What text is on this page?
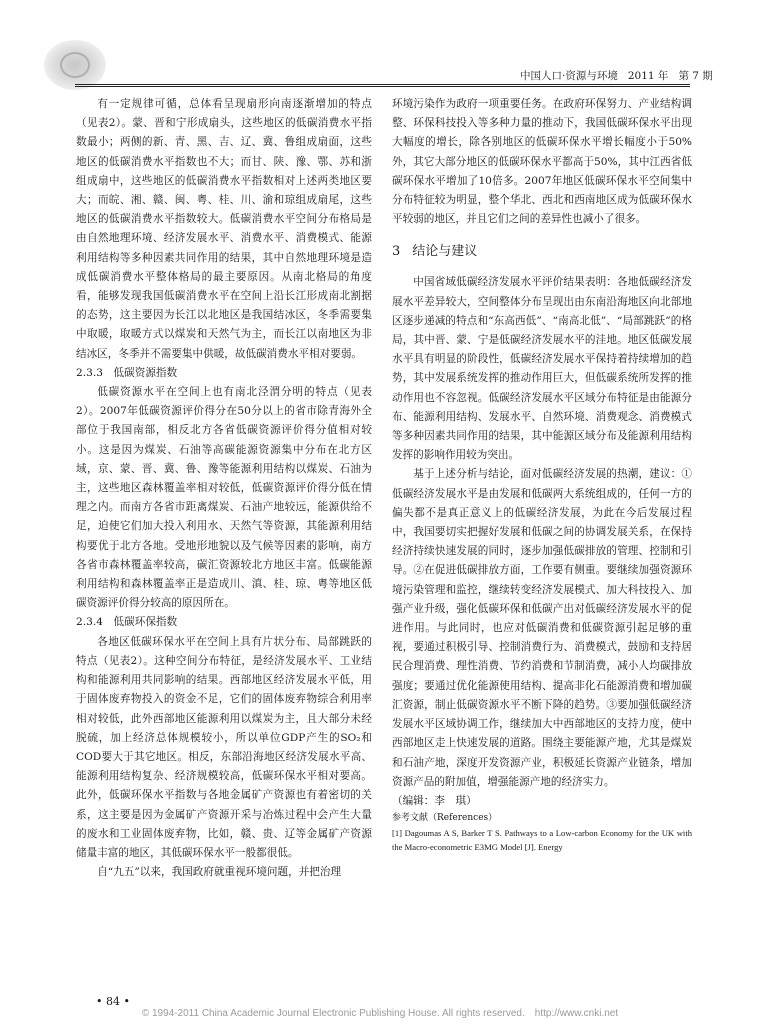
中国人口·资源与环境 2011 年 第 7 期

有一定规律可循，总体看呈现扇形向南逐渐增加的特点（见表2）。蒙、晋和宁形成扇头，这些地区的低碳消费水平指数最小；两侧的新、青、黑、吉、辽、冀、鲁组成扇面，这些地区的低碳消费水平指数也不大；而甘、陕、豫、鄂、苏和浙组成扇中，这些地区的低碳消费水平指数相对上述两类地区要大；而皖、湘、赣、闽、粤、桂、川、渝和琼组成扇尾，这些地区的低碳消费水平指数较大。低碳消费水平空间分布格局是由自然地理环境、经济发展水平、消费水平、消费模式、能源利用结构等多种因素共同作用的结果，其中自然地理环境是造成低碳消费水平整体格局的最主要原因。从南北格局的角度看，能够发现我国低碳消费水平在空间上沿长江形成南北割据的态势，这主要因为长江以北地区是我国结冰区，冬季需要集中取暖，取暖方式以煤炭和天然气为主，而长江以南地区为非结冰区，冬季并不需要集中供暖，故低碳消费水平相对要弱。

2.3.3　低碳资源指数

低碳资源水平在空间上也有南北泾渭分明的特点（见表2）。2007年低碳资源评价得分在50分以上的省市除青海外全部位于我国南部，相反北方各省低碳资源评价得分值相对较小。这是因为煤炭、石油等高碳能源资源集中分布在北方区域，京、蒙、晋、冀、鲁、豫等能源利用结构以煤炭、石油为主，这些地区森林覆盖率相对较低，低碳资源评价得分低在情理之内。而南方各省市距离煤炭、石油产地较远，能源供给不足，迫使它们加大投入利用水、天然气等资源，其能源利用结构要优于北方各地。受地形地貌以及气候等因素的影响，南方各省市森林覆盖率较高，碳汇资源较北方地区丰富。低碳能源利用结构和森林覆盖率正是造成川、滇、桂、琼、粤等地区低碳资源评价得分较高的原因所在。

2.3.4　低碳环保指数

各地区低碳环保水平在空间上具有片状分布、局部跳跃的特点（见表2）。这种空间分布特征，是经济发展水平、工业结构和能源利用共同影响的结果。西部地区经济发展水平低，用于固体废弃物投入的资金不足，它们的固体废弃物综合利用率相对较低，此外西部地区能源利用以煤炭为主，且大部分未经脱硫，加上经济总体规模较小，所以单位GDP产生的SO₂和COD要大于其它地区。相反，东部沿海地区经济发展水平高、能源利用结构复杂、经济规模较高，低碳环保水平相对要高。此外，低碳环保水平指数与各地金属矿产资源也有着密切的关系，这主要是因为金属矿产资源开采与冶炼过程中会产生大量的废水和工业固体废弃物，比如，赣、贵、辽等金属矿产资源储量丰富的地区，其低碳环保水平一般都很低。

自“九五”以来，我国政府就重视环境问题，并把治理

环境污染作为政府一项重要任务。在政府环保努力、产业结构调整、环保科技投入等多种力量的推动下，我国低碳环保水平出现大幅度的增长，除各别地区的低碳环保水平增长幅度小于50%外，其它大部分地区的低碳环保水平都高于50%，其中江西省低碳环保水平增加了10倍多。2007年地区低碳环保水平空间集中分布特征较为明显，整个华北、西北和西南地区成为低碳环保水平较弱的地区，并且它们之间的差异性也减小了很多。

3 结论与建议

中国省域低碳经济发展水平评价结果表明：各地低碳经济发展水平差异较大，空间整体分布呈现出由东南沿海地区向北部地区逐步递减的特点和“东高西低”、“南高北低”、“局部跳跃”的格局，其中晋、蒙、宁是低碳经济发展水平的洼地。地区低碳发展水平具有明显的阶段性，低碳经济发展水平保持着持续增加的趋势，其中发展系统发挥的推动作用巨大，但低碳系统所发挥的推动作用也不容忽视。低碳经济发展水平区域分布特征是由能源分布、能源利用结构、发展水平、自然环境、消费观念、消费模式等多种因素共同作用的结果，其中能源区域分布及能源利用结构发挥的影响作用较为突出。

基于上述分析与结论，面对低碳经济发展的热潮，建议：①低碳经济发展水平是由发展和低碳两大系统组成的，任何一方的偏失都不是真正意义上的低碳经济发展，为此在今后发展过程中，我国要切实把握好发展和低碳之间的协调发展关系，在保持经济持续快速发展的同时，逐步加强低碳排放的管理、控制和引导。②在促进低碳排放方面，工作要有侧重。要继续加强资源环境污染管理和监控，继续转变经济发展模式、加大科技投入、加强产业升级，强化低碳环保和低碳产出对低碳经济发展水平的促进作用。与此同时，也应对低碳消费和低碳资源引起足够的重视，要通过积极引导、控制消费行为、消费模式，鼓励和支持居民合理消费、理性消费、节约消费和节制消费，减小人均碳排放强度；要通过优化能源使用结构、提高非化石能源消费和增加碳汇资源，制止低碳资源水平不断下降的趋势。③要加强低碳经济发展水平区域协调工作，继续加大中西部地区的支持力度，使中西部地区走上快速发展的道路。围绕主要能源产地，尤其是煤炭和石油产地，深度开发资源产业，积极延长资源产业链条，增加资源产品的附加值，增强能源产地的经济实力。

（编辑：李　琪）

参考文献（References）

[1] Dagoumas A S, Barker T S. Pathways to a Low-carbon Economy for the UK with the Macro-econometric E3MG Model [J]. Energy

• 84 •
© 1994-2011 China Academic Journal Electronic Publishing House. All rights reserved.　http://www.cnki.net
